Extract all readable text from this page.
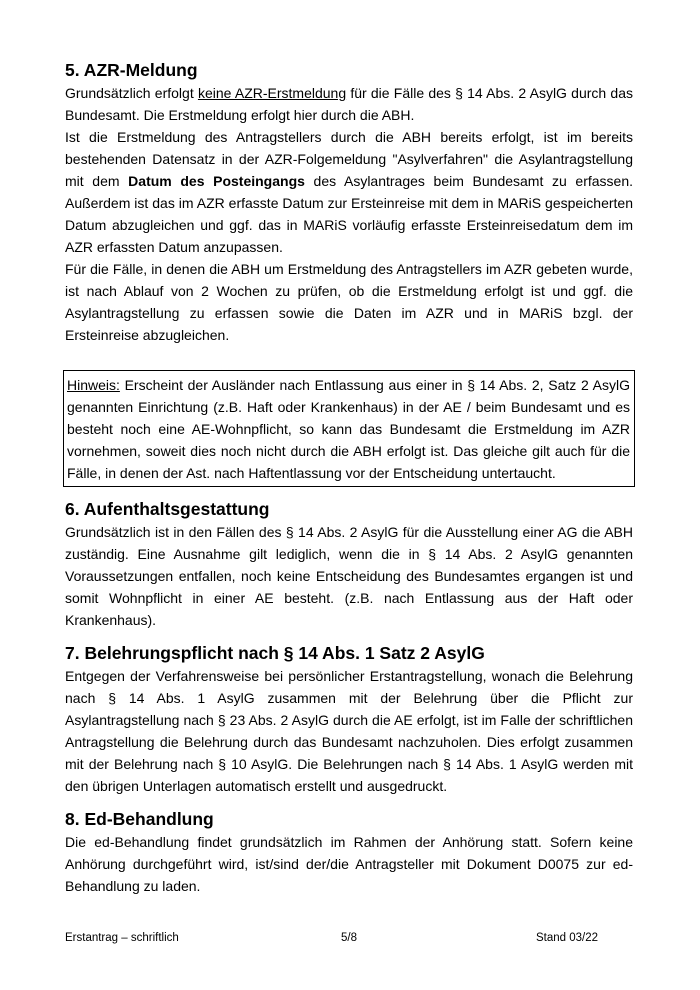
5. AZR-Meldung

Grundsätzlich erfolgt keine AZR-Erstmeldung für die Fälle des § 14 Abs. 2 AsylG durch das Bundesamt. Die Erstmeldung erfolgt hier durch die ABH.

Ist die Erstmeldung des Antragstellers durch die ABH bereits erfolgt, ist im bereits bestehenden Datensatz in der AZR-Folgemeldung "Asylverfahren" die Asylantragstellung mit dem Datum des Posteingangs des Asylantrages beim Bundesamt zu erfassen. Außerdem ist das im AZR erfasste Datum zur Ersteinreise mit dem in MARiS gespeicherten Datum abzugleichen und ggf. das in MARiS vorläufig erfasste Ersteinreisedatum dem im AZR erfassten Datum anzupassen.

Für die Fälle, in denen die ABH um Erstmeldung des Antragstellers im AZR gebeten wurde, ist nach Ablauf von 2 Wochen zu prüfen, ob die Erstmeldung erfolgt ist und ggf. die Asylantragstellung zu erfassen sowie die Daten im AZR und in MARiS bzgl. der Ersteinreise abzugleichen.

Hinweis: Erscheint der Ausländer nach Entlassung aus einer in § 14 Abs. 2, Satz 2 AsylG genannten Einrichtung (z.B. Haft oder Krankenhaus) in der AE / beim Bundesamt und es besteht noch eine AE-Wohnpflicht, so kann das Bundesamt die Erstmeldung im AZR vornehmen, soweit dies noch nicht durch die ABH erfolgt ist. Das gleiche gilt auch für die Fälle, in denen der Ast. nach Haftentlassung vor der Entscheidung untertaucht.

6. Aufenthaltsgestattung

Grundsätzlich ist in den Fällen des § 14 Abs. 2 AsylG für die Ausstellung einer AG die ABH zuständig. Eine Ausnahme gilt lediglich, wenn die in § 14 Abs. 2 AsylG genannten Voraussetzungen entfallen, noch keine Entscheidung des Bundesamtes ergangen ist und somit Wohnpflicht in einer AE besteht. (z.B. nach Entlassung aus der Haft oder Krankenhaus).

7. Belehrungspflicht nach § 14 Abs. 1 Satz 2 AsylG

Entgegen der Verfahrensweise bei persönlicher Erstantragstellung, wonach die Belehrung nach § 14 Abs. 1 AsylG zusammen mit der Belehrung über die Pflicht zur Asylantragstellung nach § 23 Abs. 2 AsylG durch die AE erfolgt, ist im Falle der schriftlichen Antragstellung die Belehrung durch das Bundesamt nachzuholen. Dies erfolgt zusammen mit der Belehrung nach § 10 AsylG. Die Belehrungen nach § 14 Abs. 1 AsylG werden mit den übrigen Unterlagen automatisch erstellt und ausgedruckt.

8. Ed-Behandlung

Die ed-Behandlung findet grundsätzlich im Rahmen der Anhörung statt. Sofern keine Anhörung durchgeführt wird, ist/sind der/die Antragsteller mit Dokument D0075 zur ed-Behandlung zu laden.

Erstantrag – schriftlich	5/8	Stand 03/22
